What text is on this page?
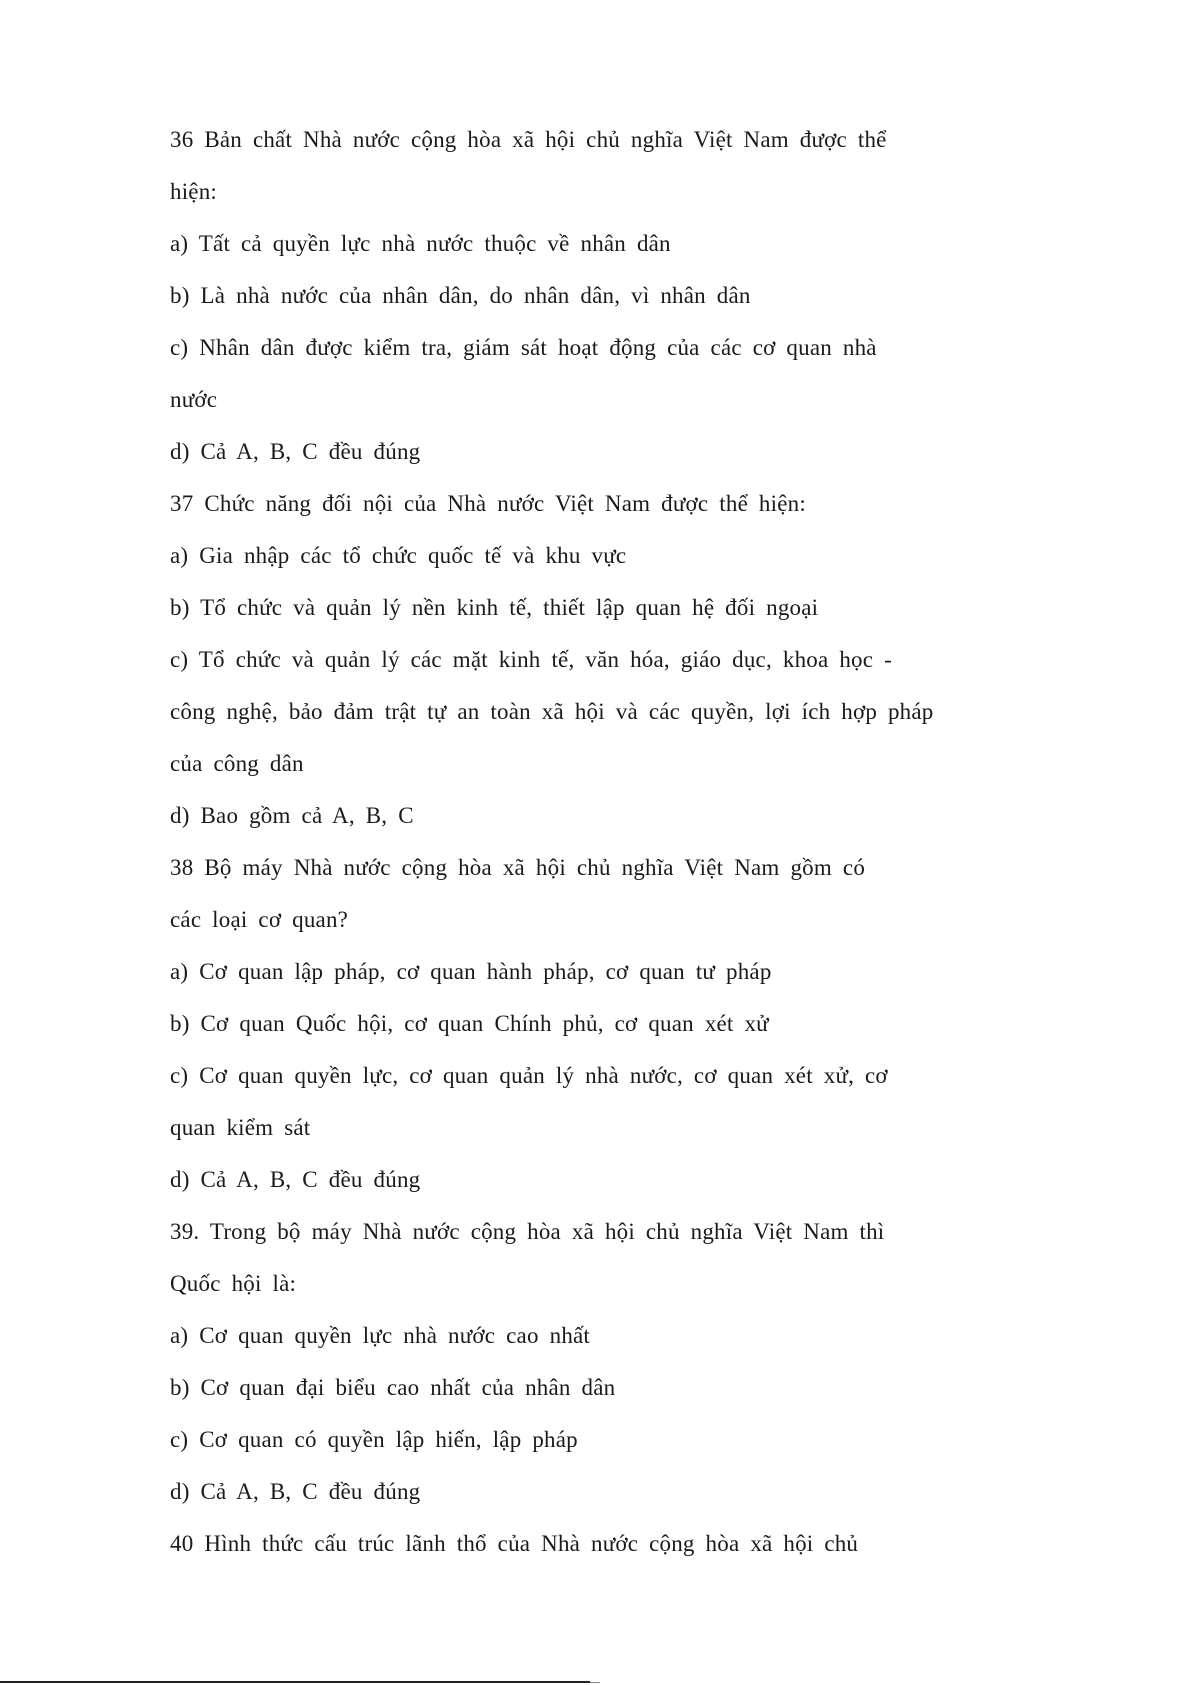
36 Bản chất Nhà nước cộng hòa xã hội chủ nghĩa Việt Nam được thể
hiện:
a) Tất cả quyền lực nhà nước thuộc về nhân dân
b) Là nhà nước của nhân dân, do nhân dân, vì nhân dân
c) Nhân dân được kiểm tra, giám sát hoạt động của các cơ quan nhà
nước
d) Cả A, B, C đều đúng
37 Chức năng đối nội của Nhà nước Việt Nam được thể hiện:
a) Gia nhập các tổ chức quốc tế và khu vực
b) Tổ chức và quản lý nền kinh tế, thiết lập quan hệ đối ngoại
c) Tổ chức và quản lý các mặt kinh tế, văn hóa, giáo dục, khoa học -
công nghệ, bảo đảm trật tự an toàn xã hội và các quyền, lợi ích hợp pháp
của công dân
d) Bao gồm cả A, B, C
38 Bộ máy Nhà nước cộng hòa xã hội chủ nghĩa Việt Nam gồm có
các loại cơ quan?
a) Cơ quan lập pháp, cơ quan hành pháp, cơ quan tư pháp
b) Cơ quan Quốc hội, cơ quan Chính phủ, cơ quan xét xử
c) Cơ quan quyền lực, cơ quan quản lý nhà nước, cơ quan xét xử, cơ
quan kiểm sát
d) Cả A, B, C đều đúng
39. Trong bộ máy Nhà nước cộng hòa xã hội chủ nghĩa Việt Nam thì
Quốc hội là:
a) Cơ quan quyền lực nhà nước cao nhất
b) Cơ quan đại biểu cao nhất của nhân dân
c) Cơ quan có quyền lập hiến, lập pháp
d) Cả A, B, C đều đúng
40 Hình thức cấu trúc lãnh thổ của Nhà nước cộng hòa xã hội chủ
